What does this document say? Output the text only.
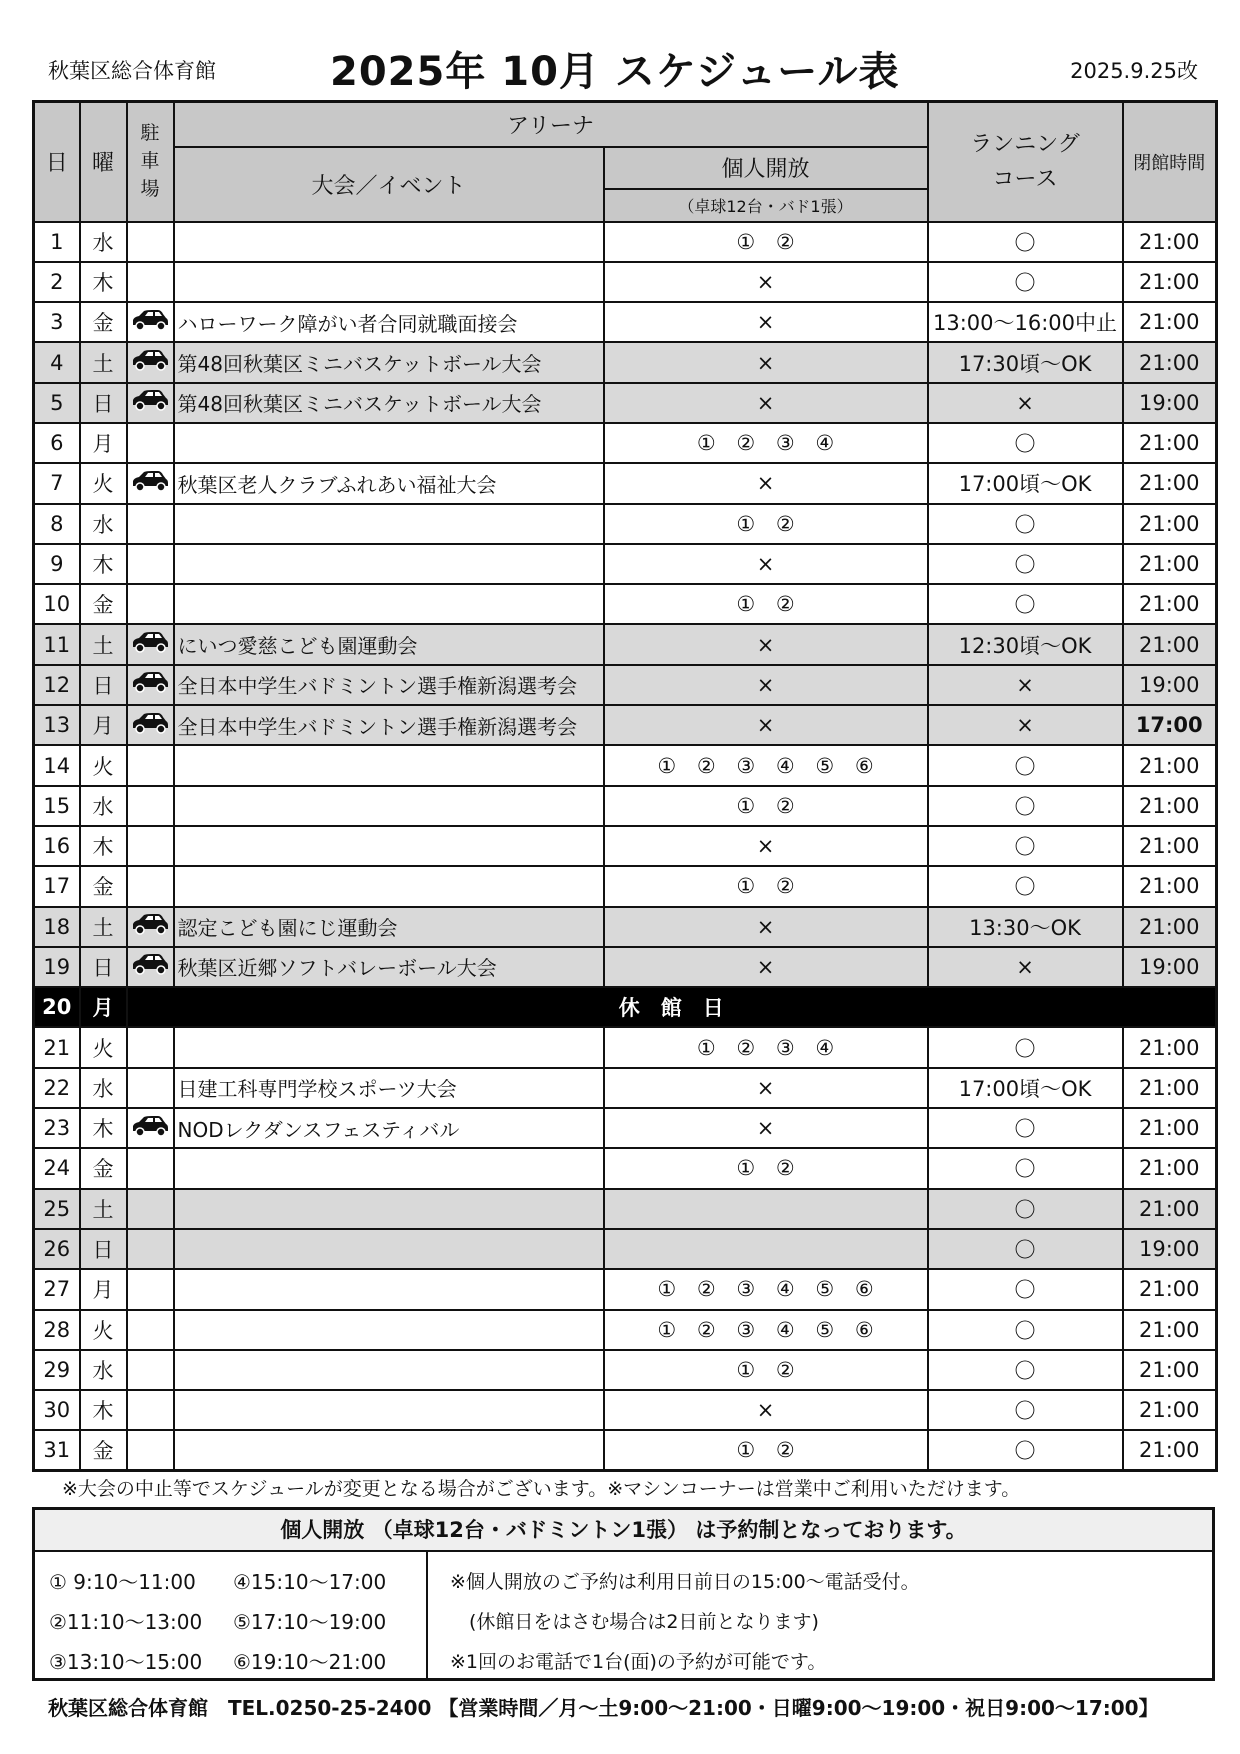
秋葉区総合体育館	2025年 10月 スケジュール表	2025.9.25改
日	曜	駐
車
場	アリーナ		ランニング
コース	閉館時間
			大会／イベント	個人開放		
				（卓球12台・バド1張）		
1	水			① ②	〇	21:00
2	木			×	〇	21:00
3	金		ハローワーク障がい者合同就職面接会	×	13:00～16:00中止	21:00
4	土		第48回秋葉区ミニバスケットボール大会	×	17:30頃～OK	21:00
5	日		第48回秋葉区ミニバスケットボール大会	×	×	19:00
6	月			① ② ③ ④	〇	21:00
7	火		秋葉区老人クラブふれあい福祉大会	×	17:00頃～OK	21:00
8	水			① ②	〇	21:00
9	木			×	〇	21:00
10	金			① ②	〇	21:00
11	土		にいつ愛慈こども園運動会	×	12:30頃～OK	21:00
12	日		全日本中学生バドミントン選手権新潟選考会	×	×	19:00
13	月		全日本中学生バドミントン選手権新潟選考会	×	×	17:00
14	火			① ② ③ ④ ⑤ ⑥	〇	21:00
15	水			① ②	〇	21:00
16	木			×	〇	21:00
17	金			① ②	〇	21:00
18	土		認定こども園にじ運動会	×	13:30～OK	21:00
19	日		秋葉区近郷ソフトバレーボール大会	×	×	19:00
20	月	休　館　日				
21	火			① ② ③ ④	〇	21:00
22	水		日建工科専門学校スポーツ大会	×	17:00頃～OK	21:00
23	木		NODレクダンスフェスティバル	×	〇	21:00
24	金			① ②	〇	21:00
25	土				〇	21:00
26	日				〇	19:00
27	月			① ② ③ ④ ⑤ ⑥	〇	21:00
28	火			① ② ③ ④ ⑤ ⑥	〇	21:00
29	水			① ②	〇	21:00
30	木			×	〇	21:00
31	金			① ②	〇	21:00
※大会の中止等でスケジュールが変更となる場合がございます。※マシンコーナーは営業中ご利用いただけます。
個人開放 （卓球12台・バドミントン1張） は予約制となっております。
① 9:10～11:00 ④15:10～17:00
②11:10～13:00 ⑤17:10～19:00
③13:10～15:00 ⑥19:10～21:00
※個人開放のご予約は利用日前日の15:00～電話受付。
　(休館日をはさむ場合は2日前となります)
※1回のお電話で1台(面)の予約が可能です。
秋葉区総合体育館　TEL.0250-25-2400 【営業時間／月～土9:00～21:00・日曜9:00～19:00・祝日9:00～17:00】
